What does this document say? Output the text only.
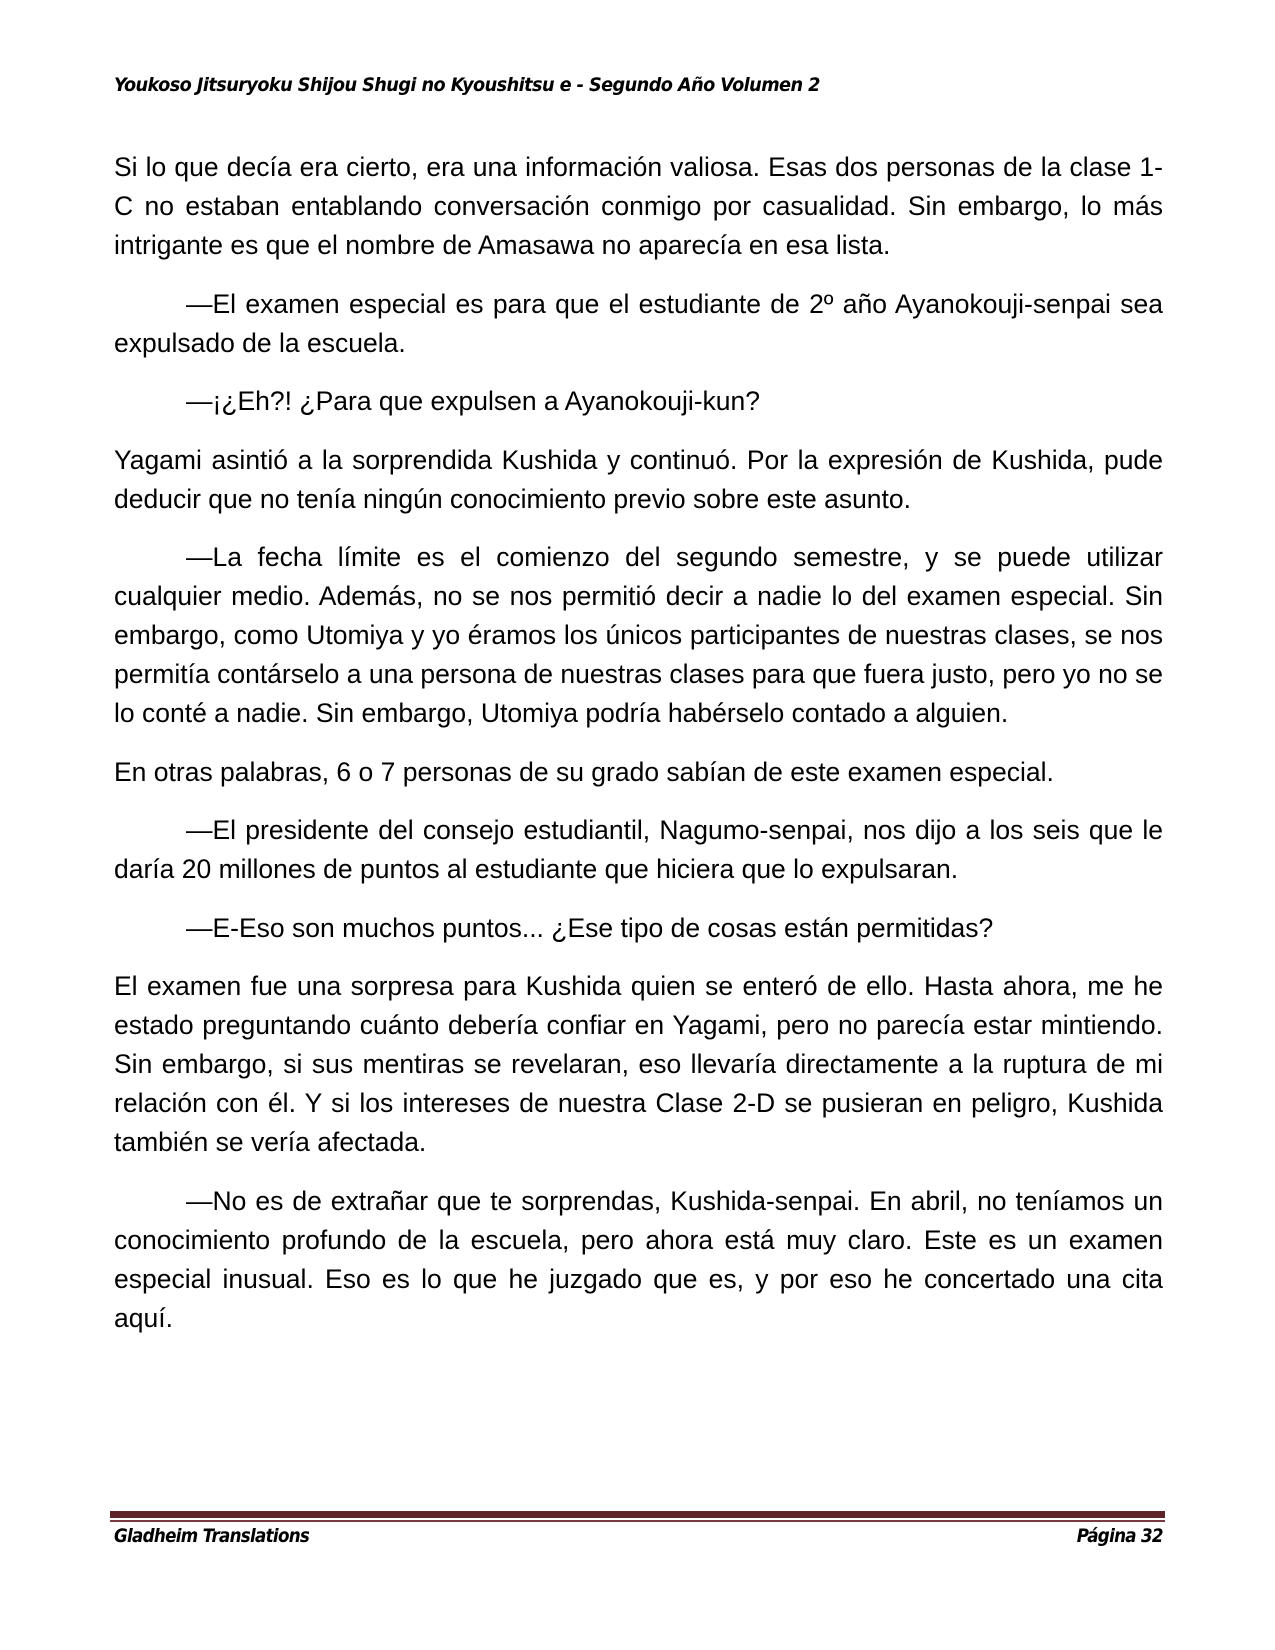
Youkoso Jitsuryoku Shijou Shugi no Kyoushitsu e - Segundo Año Volumen 2

Si lo que decía era cierto, era una información valiosa. Esas dos personas de la clase 1-C no estaban entablando conversación conmigo por casualidad. Sin embargo, lo más intrigante es que el nombre de Amasawa no aparecía en esa lista.

—El examen especial es para que el estudiante de 2º año Ayanokouji-senpai sea expulsado de la escuela.

—¡¿Eh?! ¿Para que expulsen a Ayanokouji-kun?

Yagami asintió a la sorprendida Kushida y continuó. Por la expresión de Kushida, pude deducir que no tenía ningún conocimiento previo sobre este asunto.

—La fecha límite es el comienzo del segundo semestre, y se puede utilizar cualquier medio. Además, no se nos permitió decir a nadie lo del examen especial. Sin embargo, como Utomiya y yo éramos los únicos participantes de nuestras clases, se nos permitía contárselo a una persona de nuestras clases para que fuera justo, pero yo no se lo conté a nadie. Sin embargo, Utomiya podría habérselo contado a alguien.

En otras palabras, 6 o 7 personas de su grado sabían de este examen especial.

—El presidente del consejo estudiantil, Nagumo-senpai, nos dijo a los seis que le daría 20 millones de puntos al estudiante que hiciera que lo expulsaran.

—E-Eso son muchos puntos... ¿Ese tipo de cosas están permitidas?

El examen fue una sorpresa para Kushida quien se enteró de ello. Hasta ahora, me he estado preguntando cuánto debería confiar en Yagami, pero no parecía estar mintiendo. Sin embargo, si sus mentiras se revelaran, eso llevaría directamente a la ruptura de mi relación con él. Y si los intereses de nuestra Clase 2-D se pusieran en peligro, Kushida también se vería afectada.

—No es de extrañar que te sorprendas, Kushida-senpai. En abril, no teníamos un conocimiento profundo de la escuela, pero ahora está muy claro. Este es un examen especial inusual. Eso es lo que he juzgado que es, y por eso he concertado una cita aquí.

Gladheim Translations	Página 32
